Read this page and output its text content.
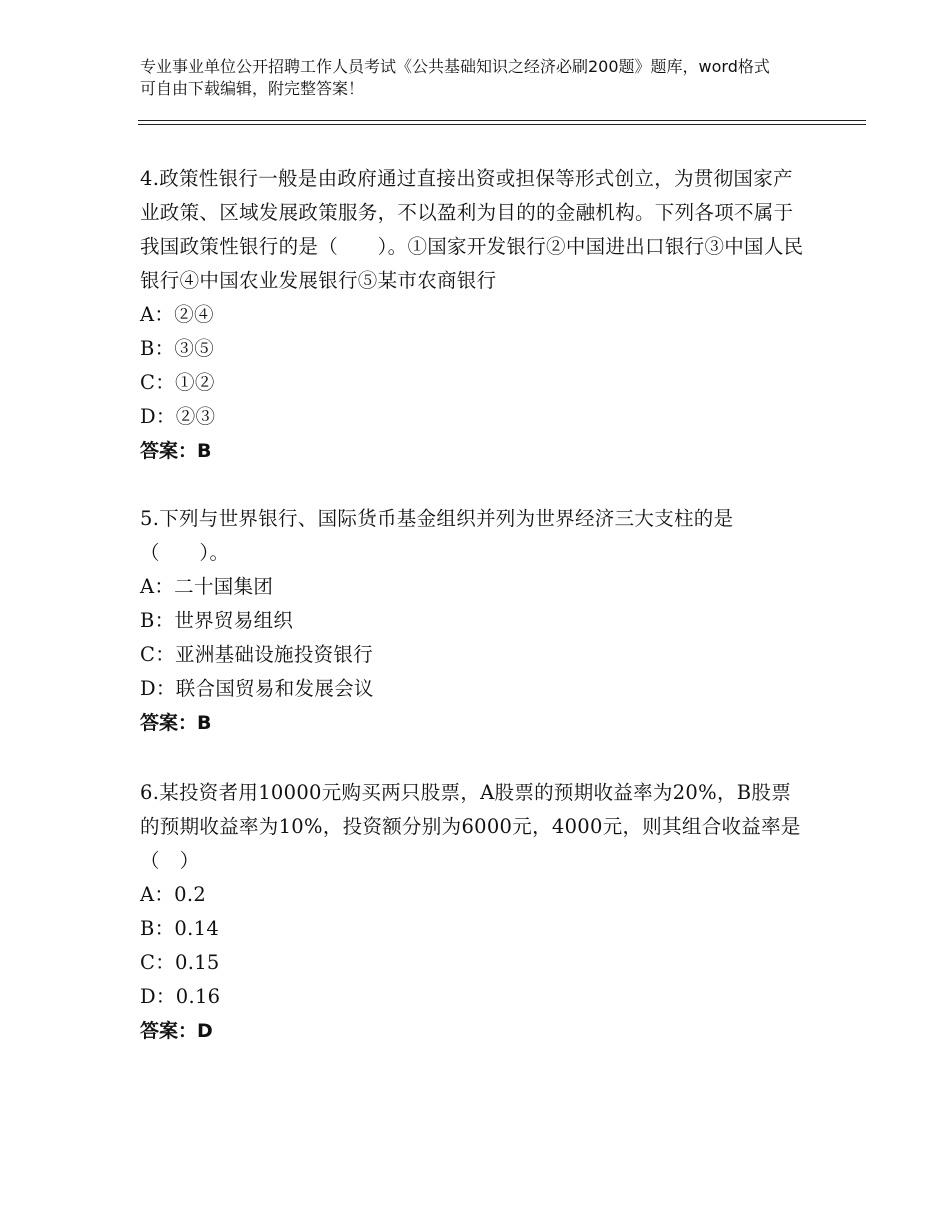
专业事业单位公开招聘工作人员考试《公共基础知识之经济必刷200题》题库，word格式可自由下载编辑，附完整答案！

4.政策性银行一般是由政府通过直接出资或担保等形式创立，为贯彻国家产业政策、区域发展政策服务，不以盈利为目的的金融机构。下列各项不属于我国政策性银行的是（　　）。①国家开发银行②中国进出口银行③中国人民银行④中国农业发展银行⑤某市农商银行

A：②④

B：③⑤

C：①②

D：②③

答案：B

5.下列与世界银行、国际货币基金组织并列为世界经济三大支柱的是（　　）。

A：二十国集团

B：世界贸易组织

C：亚洲基础设施投资银行

D：联合国贸易和发展会议

答案：B

6.某投资者用10000元购买两只股票，A股票的预期收益率为20%，B股票的预期收益率为10%，投资额分别为6000元，4000元，则其组合收益率是（　）

A：0.2

B：0.14

C：0.15

D：0.16

答案：D
